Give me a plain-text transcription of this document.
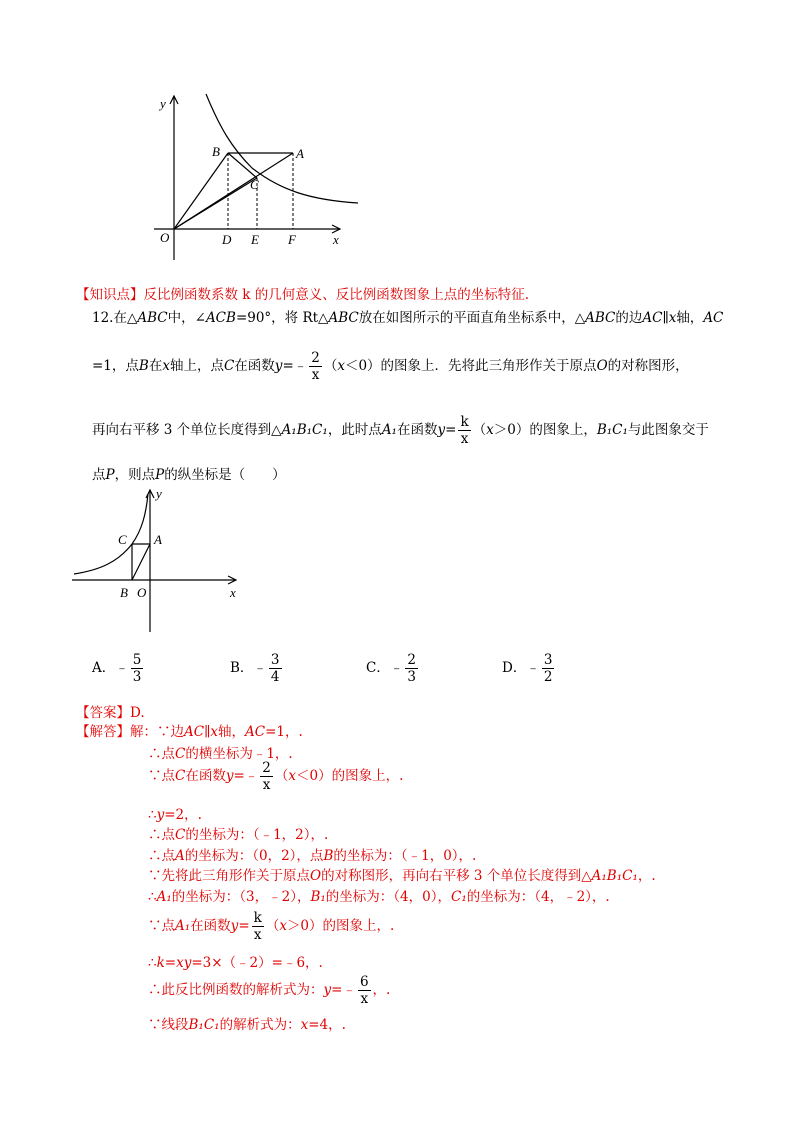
y
B	A
C
O	D E F	x
【知识点】反比例函数系数 k 的几何意义、反比例函数图象上点的坐标特征.
12.在△ABC中，∠ACB=90°，将 Rt△ABC放在如图所示的平面直角坐标系中，△ABC的边AC∥x轴，AC
=1，点B在x轴上，点C在函数y=﹣ $\frac{2}{x} (x<0)$的图象上．先将此三角形作关于原点O的对称图形，
再向右平移 3 个单位长度得到△A₁B₁C₁，此时点A₁在函数$y= \frac{k}{x} (x>0)$的图象上，B₁C₁与此图象交于
点P，则点P的纵坐标是（　　）
y
C A
B O	x
A．﹣ $\frac{5}{3}$	B．﹣ $\frac{3}{4}$	C．﹣ $\frac{2}{3}$	D．﹣ $\frac{3}{2}$
【答案】D.
【解答】解：∵边AC∥x轴，AC=1，.
∴点C的横坐标为﹣1，.
∵点C在函数y=﹣ $\frac{2}{x} (x<0)$的图象上，.
∴y=2，.
∴点C的坐标为：（﹣1，2），.
∴点A的坐标为：（0，2），点B的坐标为：（﹣1，0），.
∵先将此三角形作关于原点O的对称图形，再向右平移 3 个单位长度得到△A₁B₁C₁，.
∴A₁的坐标为：（3，﹣2），B₁的坐标为：（4，0），C₁的坐标为：（4，﹣2），.
∵点A₁在函数$y= \frac{k}{x} (x>0)$的图象上，.
∴k=xy=3×（﹣2）=﹣6，.
∴此反比例函数的解析式为：y=﹣ $\frac{6}{x}$ ，.
∵线段B₁C₁的解析式为：x=4，.
